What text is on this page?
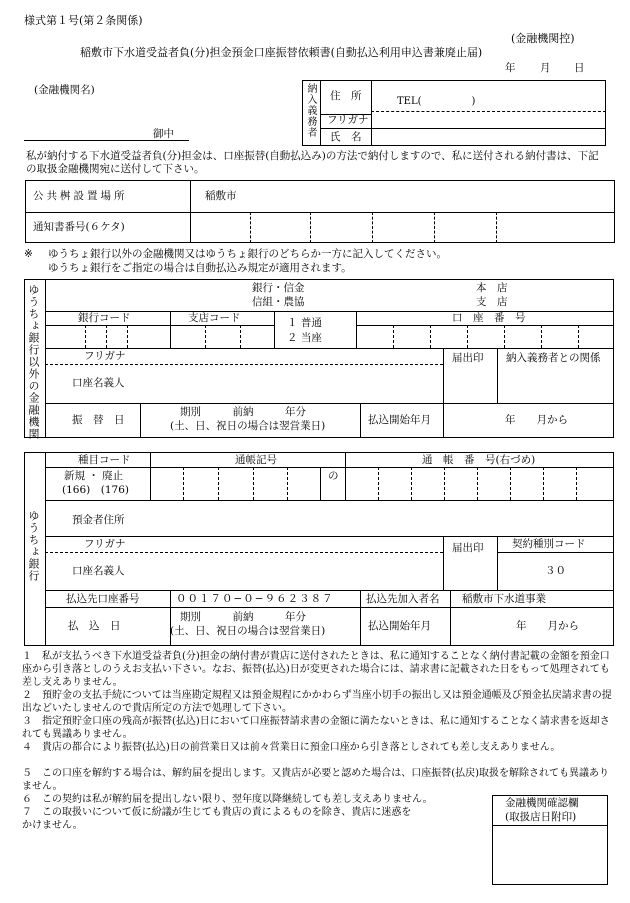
様式第１号(第２条関係)
(金融機関控)
稲敷市下水道受益者負(分)担金預金口座振替依頼書(自動払込利用申込書兼廃止届)
年 月 日
(金融機関名)
御中	納入義務者 住　所	TEL(　　　　　)
フリガナ
氏　名
私が納付する下水道受益者負(分)担金は、口座振替(自動払込み)の方法で納付しますので、私に送付される納付書は、下記の取扱金融機関宛に送付して下さい。
公共桝設置場所	稲敷市
通知書番号(６ケタ)
※ ゆうちょ銀行以外の金融機関又はゆうちょ銀行のどちらか一方に記入してください。
ゆうちょ銀行をご指定の場合は自動払込み規定が適用されます。
ゆうちょ銀行以外の金融機関	銀行・信金
信組・農協
本　店
支　店
銀行コード	支店コード	口　座　番　号
１ 普通
２ 当座
フリガナ
口座名義人
届出印 納入義務者との関係
振　替　日
期別　　　前納　　　年分
(土、日、祝日の場合は翌営業日)	払込開始年月	年　　月から
ゆうちょ銀行
種目コード	通帳記号	通　帳　番　号(右づめ)
新規 ・ 廃止
(166)　(176)
の
預金者住所
フリガナ
口座名義人
届出印	契約種別コード
３０
払込先口座番号	００１７０−０−９６２３８７	払込先加入者名 稲敷市下水道事業
払　込　日
期別　　　前納　　　年分
(土、日、祝日の場合は翌営業日)	払込開始年月	年　　月から
１　私が支払うべき下水道受益者負(分)担金の納付書が貴店に送付されたときは、私に通知することなく納付書記載の金額を預金口座から引き落としのうえお支払い下さい。なお、振替(払込)日が変更された場合には、請求書に記載された日をもって処理されても差し支えありません。
２　預貯金の支払手続については当座勘定規程又は預金規程にかかわらず当座小切手の振出し又は預金通帳及び預金払戻請求書の提出などいたしませんので貴店所定の方法で処理して下さい。
３　指定預貯金口座の残高が振替(払込)日において口座振替請求書の金額に満たないときは、私に通知することなく請求書を返却されても異議ありません。
４　貴店の都合により振替(払込)日の前営業日又は前々営業日に預金口座から引き落としされても差し支えありません。
５　この口座を解約する場合は、解約届を提出します。又貴店が必要と認めた場合は、口座振替(払戻)取扱を解除されても異議ありません。
６　この契約は私が解約届を提出しない限り、翌年度以降継続しても差し支えありません。
７　この取扱いについて仮に紛議が生じても貴店の責によるものを除き、貴店に迷惑をかけません。
金融機関確認欄
(取扱店日附印)
